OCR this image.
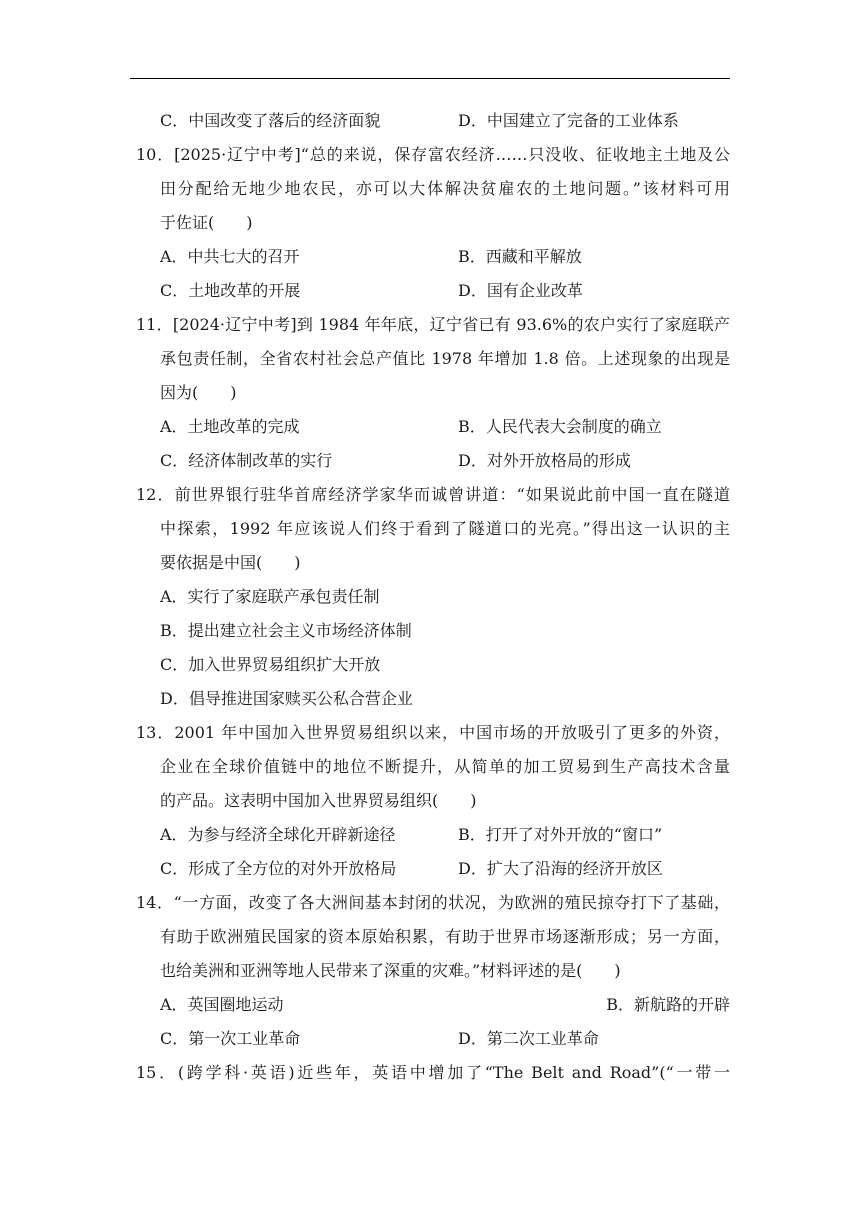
C．中国改变了落后的经济面貌	D．中国建立了完备的工业体系
10．[2025·辽宁中考]“总的来说，保存富农经济……只没收、征收地主土地及公
田分配给无地少地农民，亦可以大体解决贫雇农的土地问题。”该材料可用
于佐证(　　)
A．中共七大的召开	B．西藏和平解放
C．土地改革的开展	D．国有企业改革
11．[2024·辽宁中考]到 1984 年年底，辽宁省已有 93.6%的农户实行了家庭联产
承包责任制，全省农村社会总产值比 1978 年增加 1.8 倍。上述现象的出现是
因为(　　)
A．土地改革的完成	B．人民代表大会制度的确立
C．经济体制改革的实行	D．对外开放格局的形成
12．前世界银行驻华首席经济学家华而诚曾讲道：“如果说此前中国一直在隧道
中探索，1992 年应该说人们终于看到了隧道口的光亮。”得出这一认识的主
要依据是中国(　　)
A．实行了家庭联产承包责任制
B．提出建立社会主义市场经济体制
C．加入世界贸易组织扩大开放
D．倡导推进国家赎买公私合营企业
13．2001 年中国加入世界贸易组织以来，中国市场的开放吸引了更多的外资，
企业在全球价值链中的地位不断提升，从简单的加工贸易到生产高技术含量
的产品。这表明中国加入世界贸易组织(　　)
A．为参与经济全球化开辟新途径	B．打开了对外开放的“窗口”
C．形成了全方位的对外开放格局	D．扩大了沿海的经济开放区
14．“一方面，改变了各大洲间基本封闭的状况，为欧洲的殖民掠夺打下了基础，
有助于欧洲殖民国家的资本原始积累，有助于世界市场逐渐形成；另一方面，
也给美洲和亚洲等地人民带来了深重的灾难。”材料评述的是(　　)
A．英国圈地运动	B．新航路的开辟
C．第一次工业革命	D．第二次工业革命
15．(跨学科·英语)近些年，英语中增加了“The Belt and Road”(“一带一
